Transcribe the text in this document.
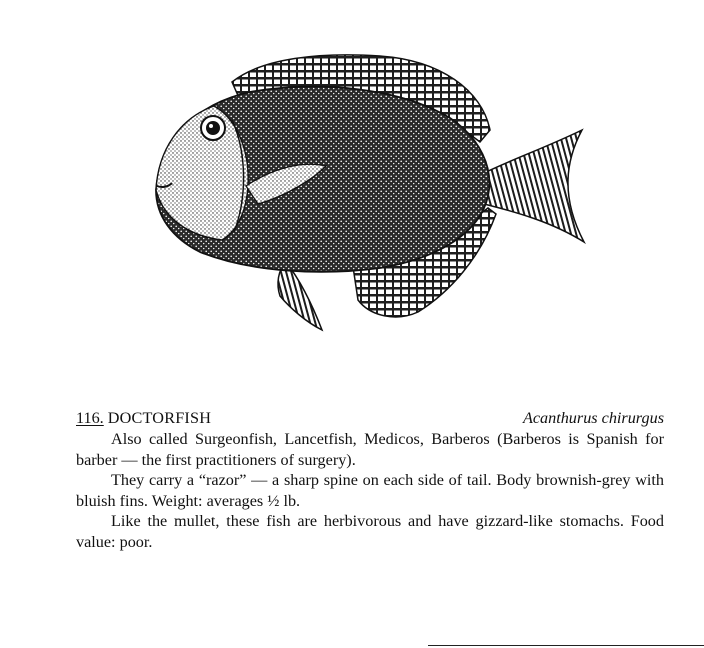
116. DOCTORFISH	Acanthurus chirurgus

Also called Surgeonfish, Lancetfish, Medicos, Barberos (Barberos is Spanish for barber — the first practitioners of surgery).

They carry a “razor” — a sharp spine on each side of tail. Body brownish-grey with bluish fins. Weight: averages ½ lb.

Like the mullet, these fish are herbivorous and have gizzard-like stomachs. Food value: poor.
